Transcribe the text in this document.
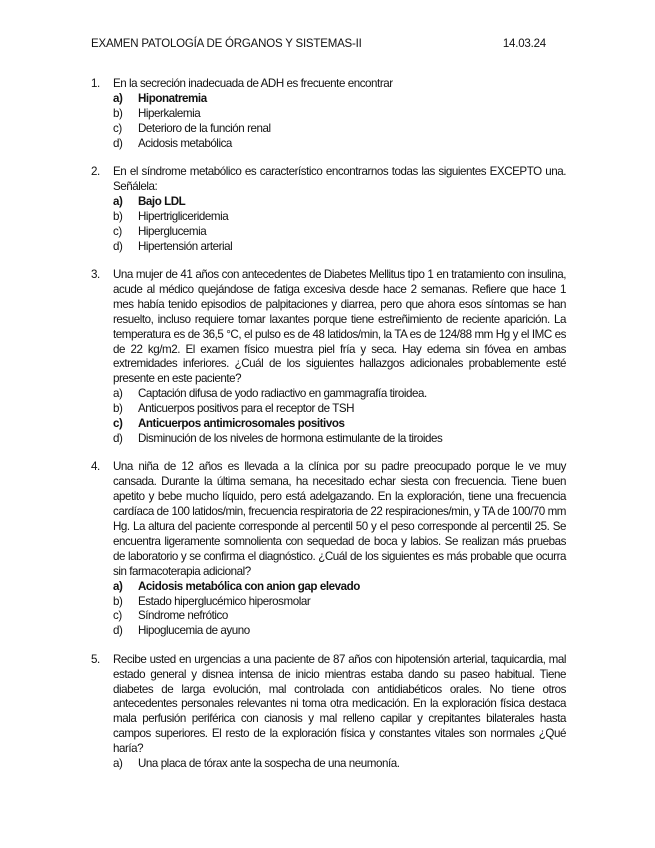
EXAMEN PATOLOGÍA DE ÓRGANOS Y SISTEMAS-II	14.03.24
1. En la secreción inadecuada de ADH es frecuente encontrar
a) Hiponatremia
b) Hiperkalemia
c) Deterioro de la función renal
d) Acidosis metabólica
2. En el síndrome metabólico es característico encontrarnos todas las siguientes EXCEPTO una. Señálela:
a) Bajo LDL
b) Hipertrigliceridemia
c) Hiperglucemia
d) Hipertensión arterial
3. Una mujer de 41 años con antecedentes de Diabetes Mellitus tipo 1 en tratamiento con insulina, acude al médico quejándose de fatiga excesiva desde hace 2 semanas. Refiere que hace 1 mes había tenido episodios de palpitaciones y diarrea, pero que ahora esos síntomas se han resuelto, incluso requiere tomar laxantes porque tiene estreñimiento de reciente aparición. La temperatura es de 36,5 °C, el pulso es de 48 latidos/min, la TA es de 124/88 mm Hg y el IMC es de 22 kg/m2. El examen físico muestra piel fría y seca. Hay edema sin fóvea en ambas extremidades inferiores. ¿Cuál de los siguientes hallazgos adicionales probablemente esté presente en este paciente?
a) Captación difusa de yodo radiactivo en gammagrafía tiroidea.
b) Anticuerpos positivos para el receptor de TSH
c) Anticuerpos antimicrosomales positivos
d) Disminución de los niveles de hormona estimulante de la tiroides
4. Una niña de 12 años es llevada a la clínica por su padre preocupado porque le ve muy cansada. Durante la última semana, ha necesitado echar siesta con frecuencia. Tiene buen apetito y bebe mucho líquido, pero está adelgazando. En la exploración, tiene una frecuencia cardíaca de 100 latidos/min, frecuencia respiratoria de 22 respiraciones/min, y TA de 100/70 mm Hg. La altura del paciente corresponde al percentil 50 y el peso corresponde al percentil 25. Se encuentra ligeramente somnolienta con sequedad de boca y labios. Se realizan más pruebas de laboratorio y se confirma el diagnóstico. ¿Cuál de los siguientes es más probable que ocurra sin farmacoterapia adicional?
a) Acidosis metabólica con anion gap elevado
b) Estado hiperglucémico hiperosmolar
c) Síndrome nefrótico
d) Hipoglucemia de ayuno
5. Recibe usted en urgencias a una paciente de 87 años con hipotensión arterial, taquicardia, mal estado general y disnea intensa de inicio mientras estaba dando su paseo habitual. Tiene diabetes de larga evolución, mal controlada con antidiabéticos orales. No tiene otros antecedentes personales relevantes ni toma otra medicación. En la exploración física destaca mala perfusión periférica con cianosis y mal relleno capilar y crepitantes bilaterales hasta campos superiores. El resto de la exploración física y constantes vitales son normales ¿Qué haría?
a) Una placa de tórax ante la sospecha de una neumonía.
